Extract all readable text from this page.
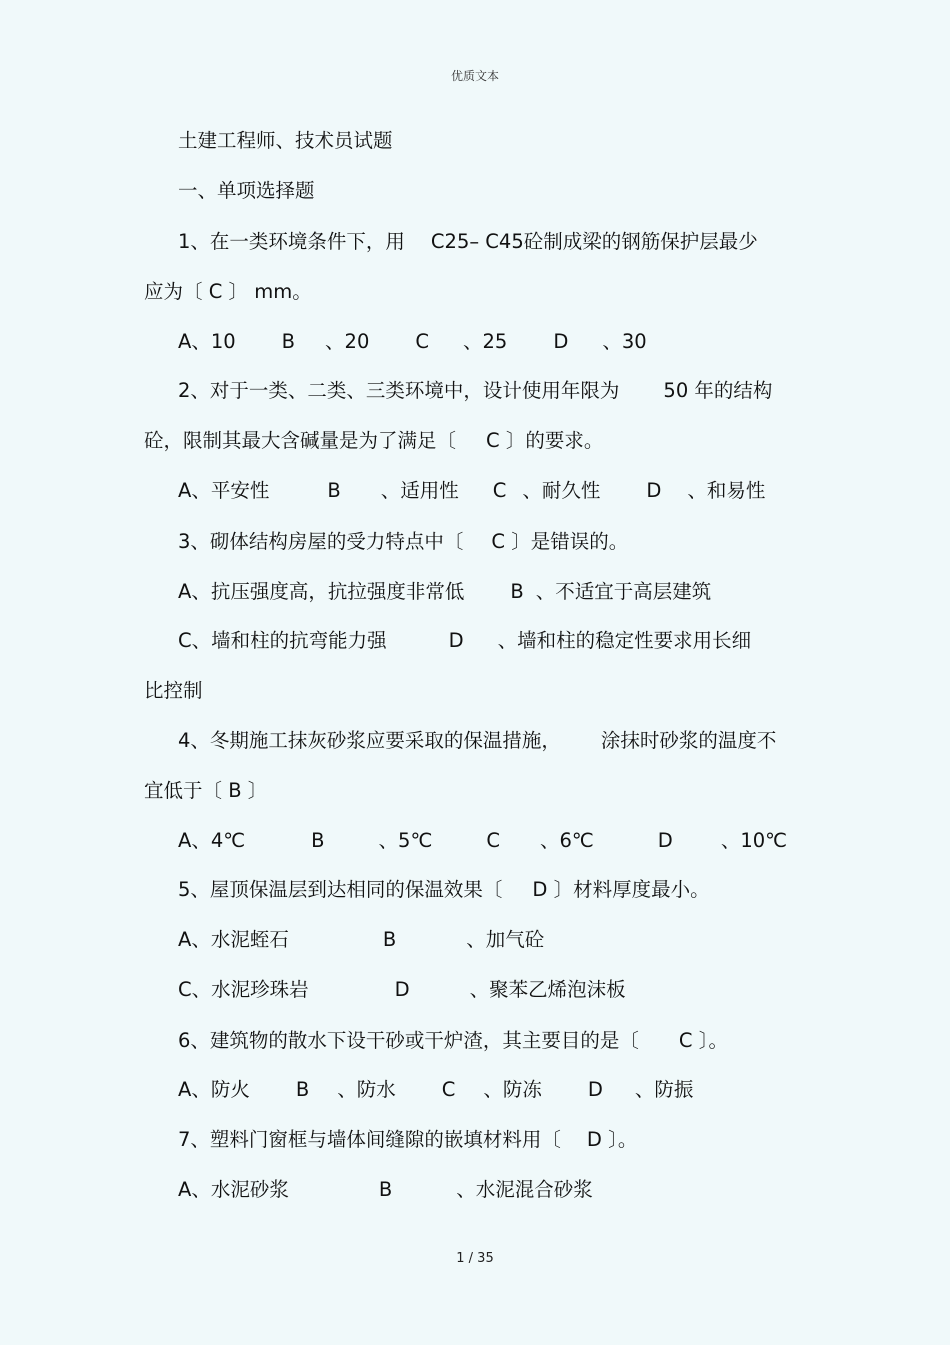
优质文本
土建工程师、技术员试题
一、单项选择题
1、在一类环境条件下，用 C25– C45砼制成梁的钢筋保护层最少
应为〔 C 〕 mm。
A、10 B 、20 C 、25 D 、30
2、对于一类、二类、三类环境中，设计使用年限为 50 年的结构
砼，限制其最大含碱量是为了满足〔 C 〕的要求。
A、平安性	B 、适用性 C 、耐久性 D 、和易性
3、砌体结构房屋的受力特点中〔 C 〕是错误的。
A、抗压强度高，抗拉强度非常低 B 、不适宜于高层建筑
C、墙和柱的抗弯能力强	D 、墙和柱的稳定性要求用长细
比控制
4、冬期施工抹灰砂浆应要采取的保温措施， 涂抹时砂浆的温度不
宜低于〔 B 〕
A、4℃	B	、5℃	C 、6℃	D 、10℃
5、屋顶保温层到达相同的保温效果〔 D 〕材料厚度最小。
A、水泥蛭石	B	、加气砼
C、水泥珍珠岩	D	、聚苯乙烯泡沫板
6、建筑物的散水下设干砂或干炉渣，其主要目的是〔 C 〕。
A、防火 B 、防水 C 、防冻 D 、防振
7、塑料门窗框与墙体间缝隙的嵌填材料用〔 D 〕。
A、水泥砂浆	B	、水泥混合砂浆
1 / 35
